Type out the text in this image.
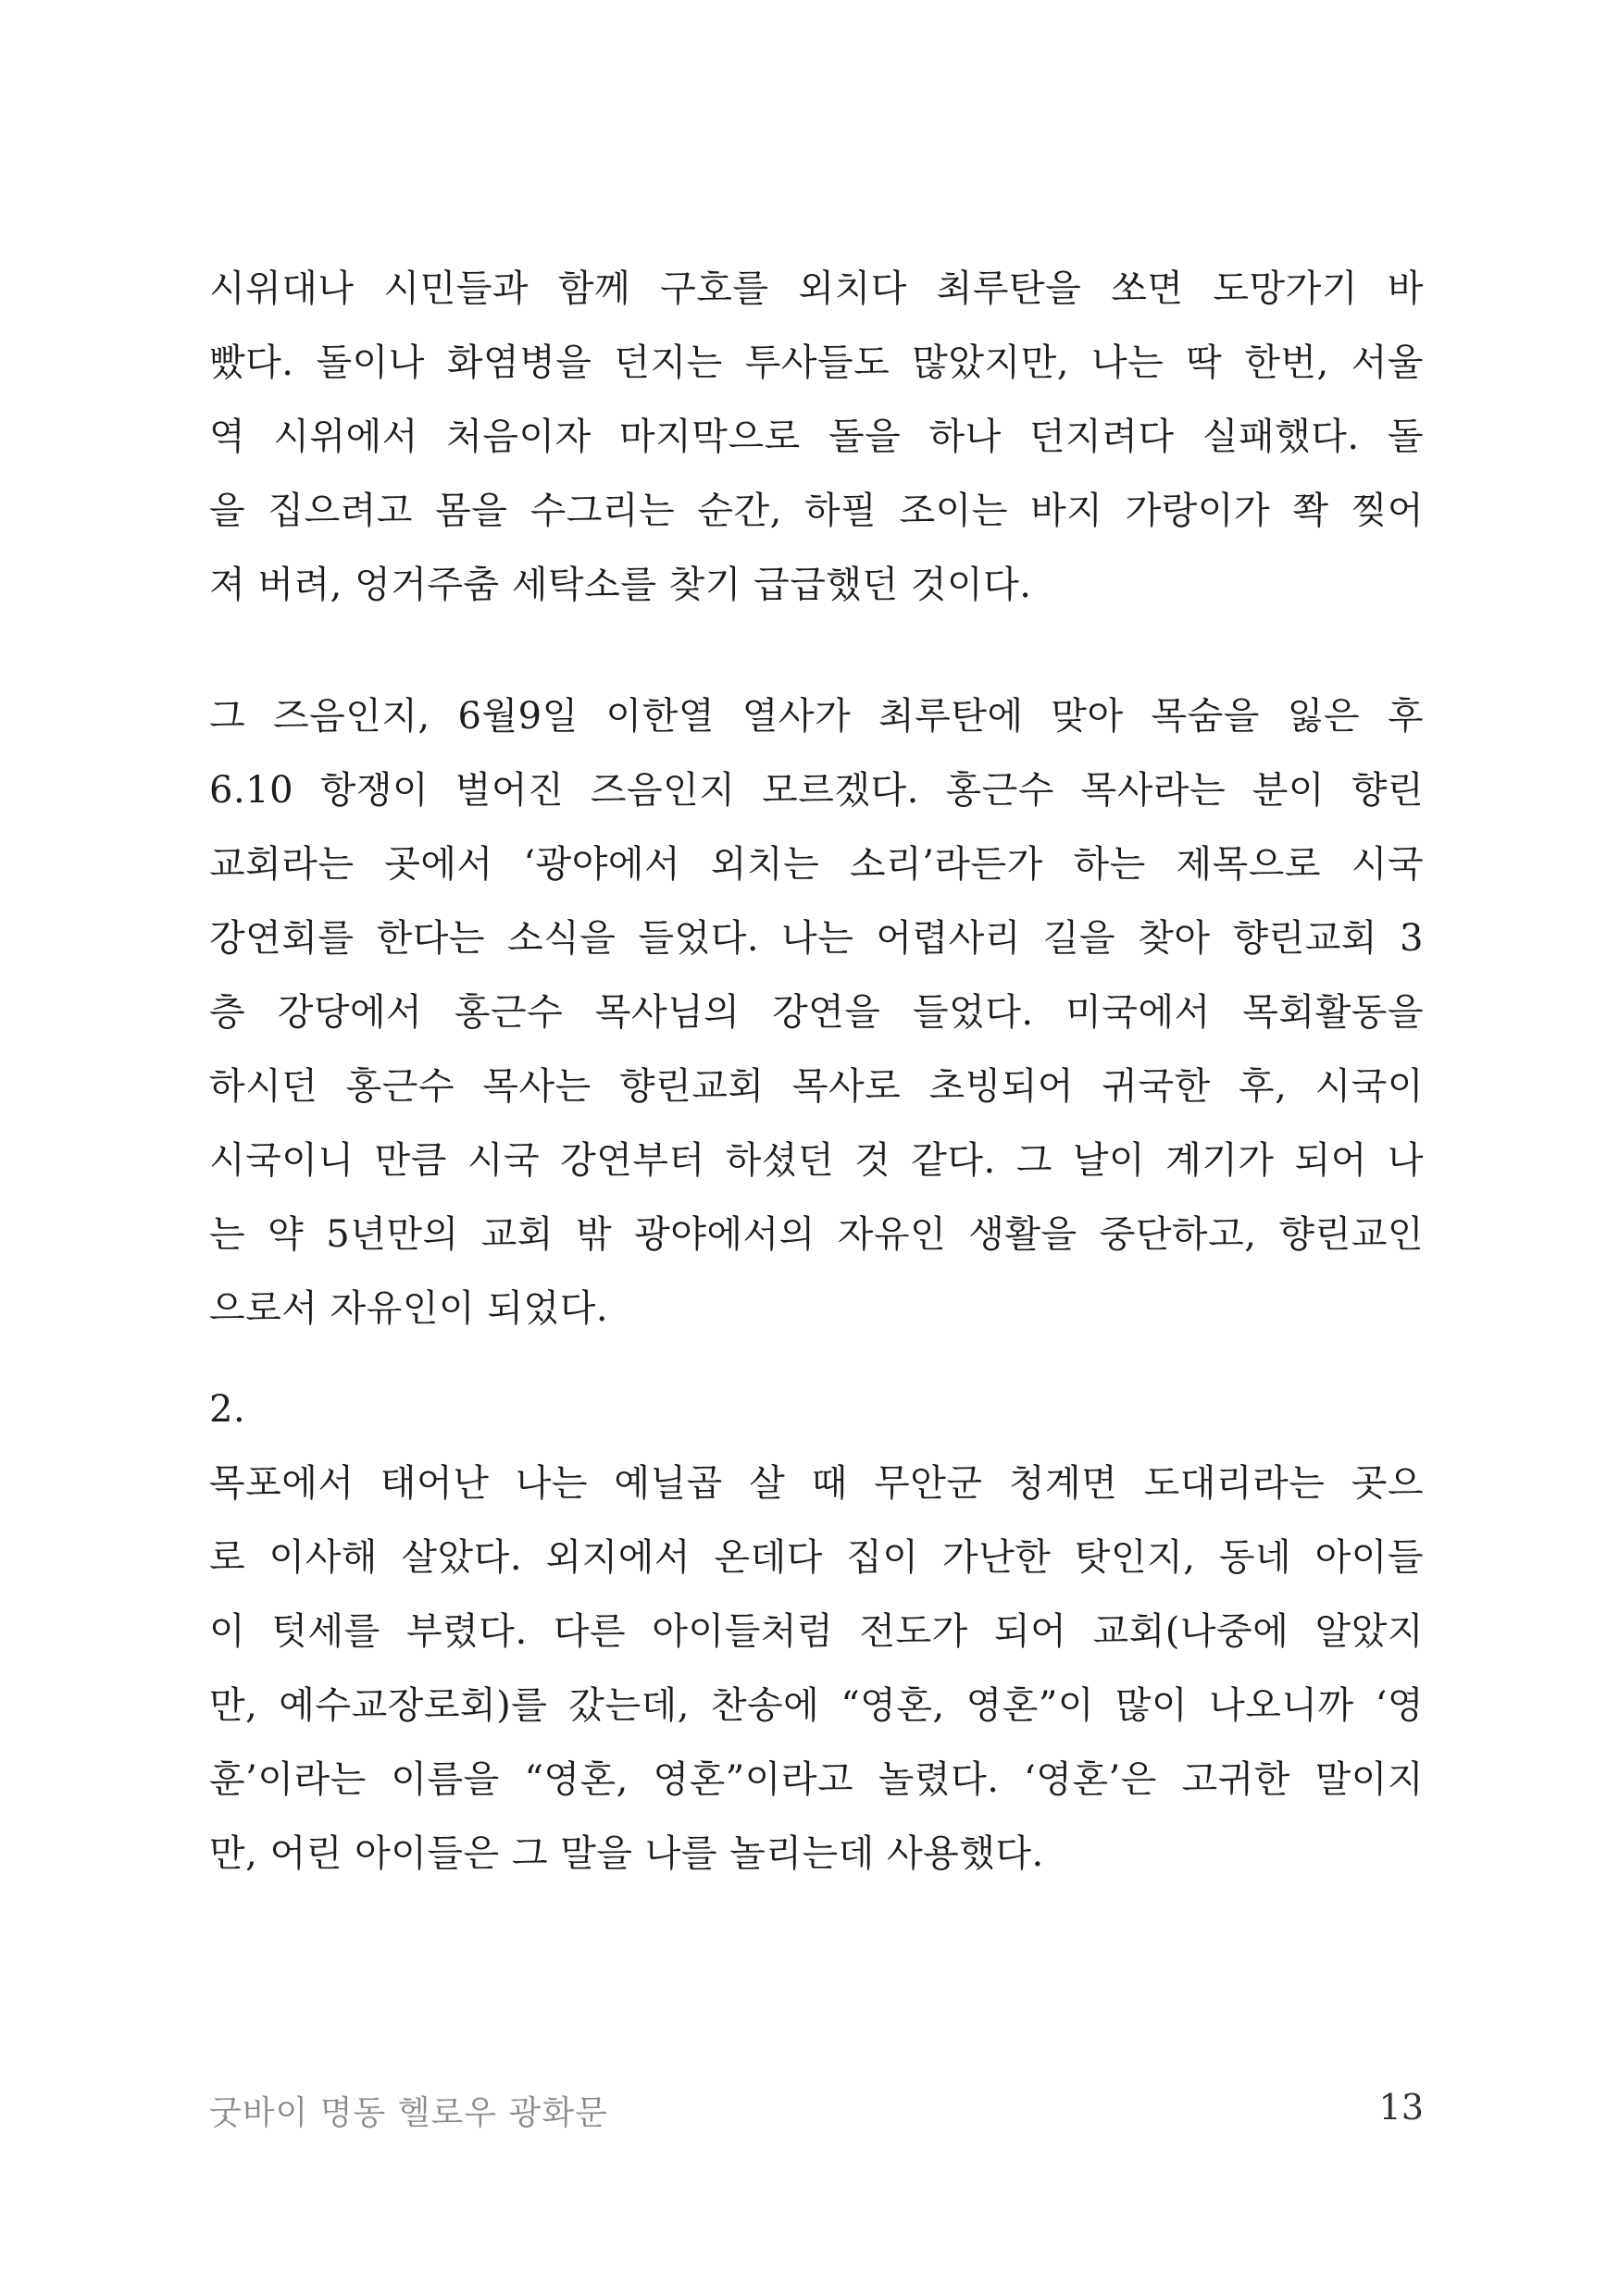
시위대나 시민들과 함께 구호를 외치다 최루탄을 쏘면 도망가기 바
빴다. 돌이나 화염병을 던지는 투사들도 많았지만, 나는 딱 한번, 서울
역 시위에서 처음이자 마지막으로 돌을 하나 던지려다 실패했다. 돌
을 집으려고 몸을 수그리는 순간, 하필 조이는 바지 가랑이가 쫙 찢어
져 버려, 엉거주춤 세탁소를 찾기 급급했던 것이다.
그 즈음인지, 6월9일 이한열 열사가 최루탄에 맞아 목숨을 잃은 후
6.10 항쟁이 벌어진 즈음인지 모르겠다. 홍근수 목사라는 분이 향린
교회라는 곳에서 ‘광야에서 외치는 소리’라든가 하는 제목으로 시국
강연회를 한다는 소식을 들었다. 나는 어렵사리 길을 찾아 향린교회 3
층 강당에서 홍근수 목사님의 강연을 들었다. 미국에서 목회활동을
하시던 홍근수 목사는 향린교회 목사로 초빙되어 귀국한 후, 시국이
시국이니 만큼 시국 강연부터 하셨던 것 같다. 그 날이 계기가 되어 나
는 약 5년만의 교회 밖 광야에서의 자유인 생활을 중단하고, 향린교인
으로서 자유인이 되었다.
2.
목포에서 태어난 나는 예닐곱 살 때 무안군 청계면 도대리라는 곳으
로 이사해 살았다. 외지에서 온데다 집이 가난한 탓인지, 동네 아이들
이 텃세를 부렸다. 다른 아이들처럼 전도가 되어 교회(나중에 알았지
만, 예수교장로회)를 갔는데, 찬송에 “영혼, 영혼”이 많이 나오니까 ‘영
훈’이라는 이름을 “영혼, 영혼”이라고 놀렸다. ‘영혼’은 고귀한 말이지
만, 어린 아이들은 그 말을 나를 놀리는데 사용했다.
굿바이 명동 헬로우 광화문	13
